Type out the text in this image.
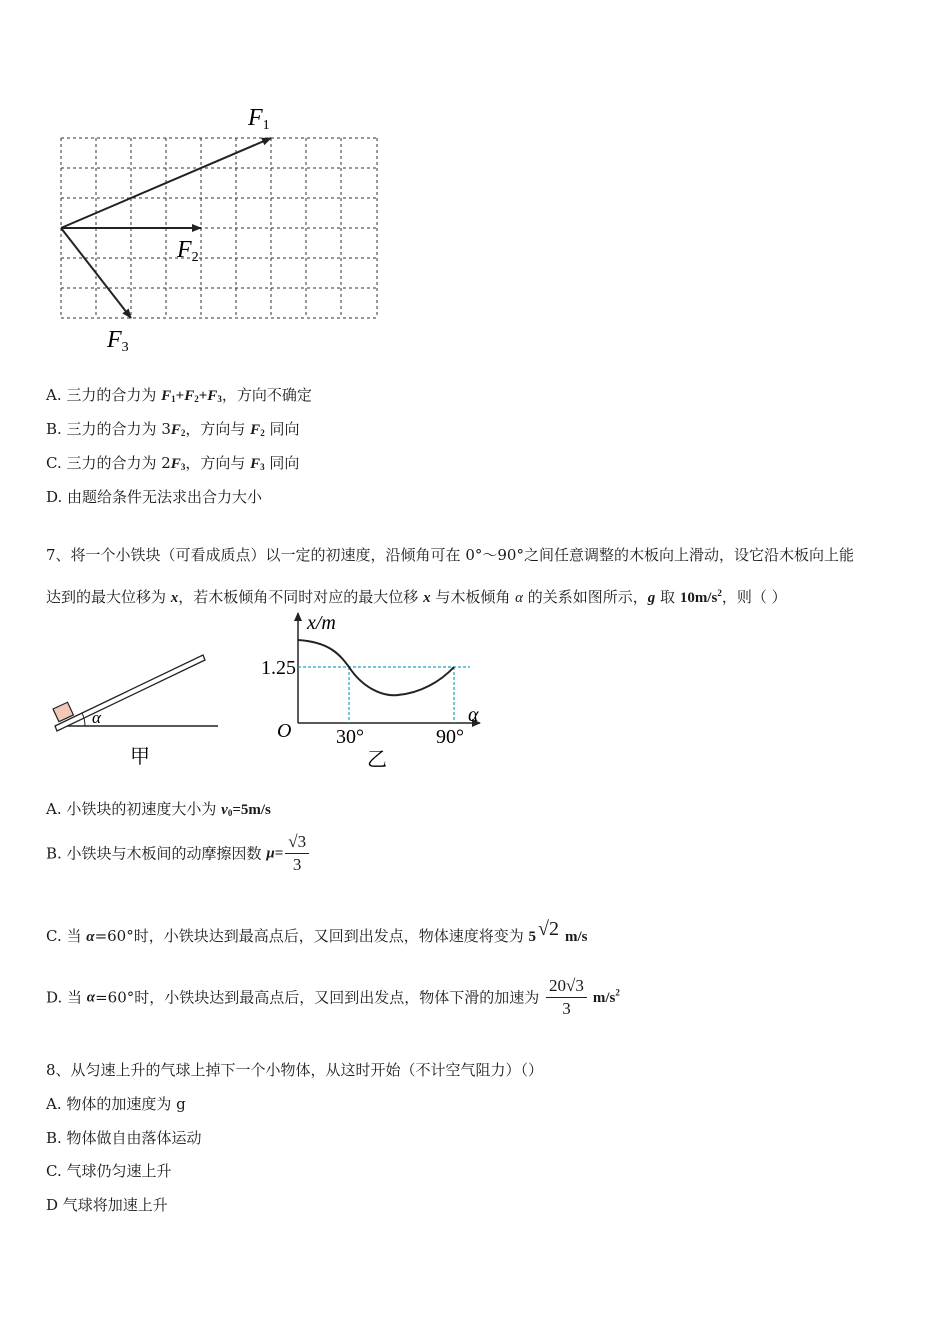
F1
F2
F3
A. 三力的合力为 $F_1+F_2+F_3$，方向不确定
B. 三力的合力为 $3F_2$，方向与 $F_2$ 同向
C. 三力的合力为 $2F_3$，方向与 $F_3$ 同向
D. 由题给条件无法求出合力大小
7、将一个小铁块（可看成质点）以一定的初速度，沿倾角可在 0°～90°之间任意调整的木板向上滑动，设它沿木板向上能
达到的最大位移为 x，若木板倾角不同时对应的最大位移 x 与木板倾角 α 的关系如图所示，g 取 $10m/s^2$，则（ ）
α
甲
x/m
α
O
1.25
30°	90°
乙
A. 小铁块的初速度大小为 $v_0=5m/s$
B. 小铁块与木板间的动摩擦因数 $\mu= \frac{√3}{3}$
C. 当 α=60°时，小铁块达到最高点后，又回到出发点，物体速度将变为 5 √2 m/s
D. 当 α=60°时，小铁块达到最高点后，又回到出发点，物体下滑的加速为 $\frac{20√3}{3} m/s^2$
8、从匀速上升的气球上掉下一个小物体，从这时开始（不计空气阻力）（）
A. 物体的加速度为 g
B. 物体做自由落体运动
C. 气球仍匀速上升
D 气球将加速上升
